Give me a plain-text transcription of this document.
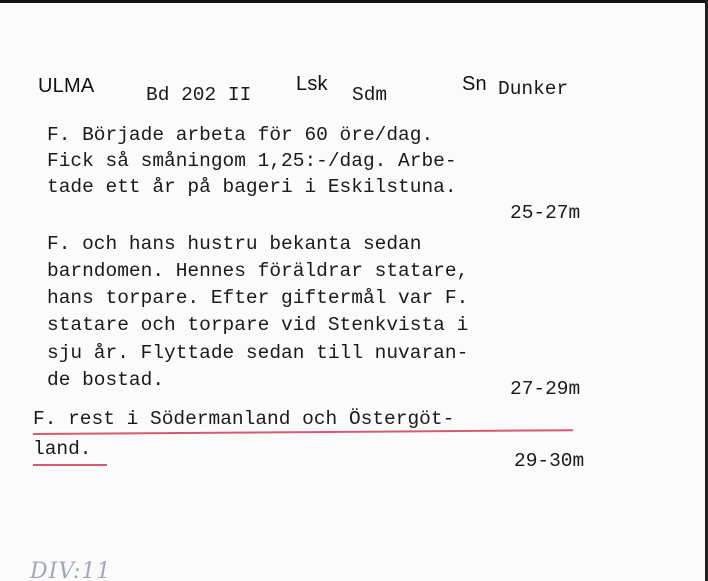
ULMA	Bd 202 II Lsk Sdm	Sn Dunker
F. Började arbeta för 60 öre/dag.
Fick så småningom 1,25:-/dag. Arbe-
tade ett år på bageri i Eskilstuna.
25-27m
F. och hans hustru bekanta sedan
barndomen. Hennes föräldrar statare,
hans torpare. Efter giftermål var F.
statare och torpare vid Stenkvista i
sju år. Flyttade sedan till nuvaran-
de bostad.	27-29m
F. rest i Södermanland och Östergöt-
land.
29-30m
DIV:11
